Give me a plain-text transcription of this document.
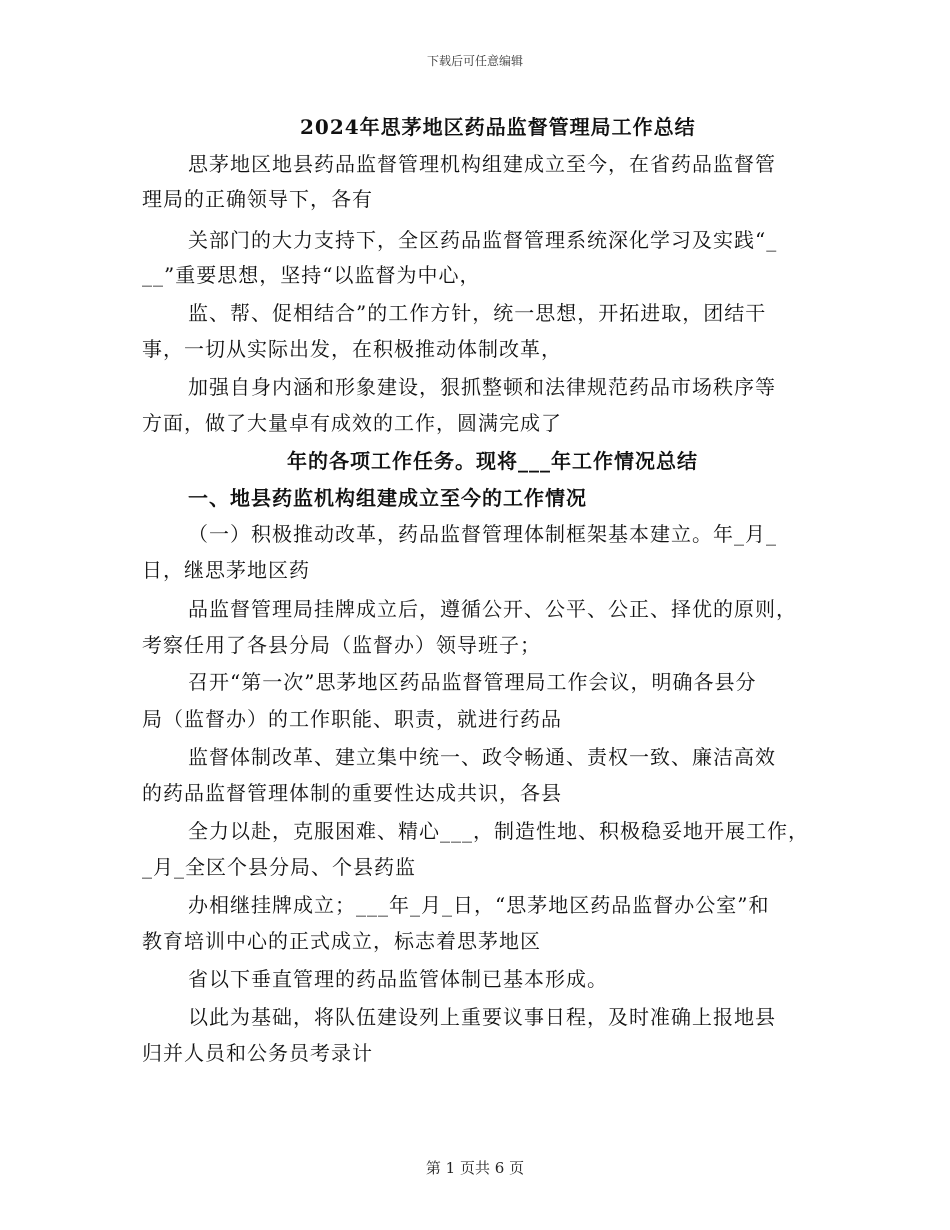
下载后可任意编辑
2024年思茅地区药品监督管理局工作总结
思茅地区地县药品监督管理机构组建成立至今，在省药品监督管
理局的正确领导下，各有
关部门的大力支持下，全区药品监督管理系统深化学习及实践“_
__”重要思想，坚持“以监督为中心，
监、帮、促相结合”的工作方针，统一思想，开拓进取，团结干
事，一切从实际出发，在积极推动体制改革，
加强自身内涵和形象建设，狠抓整顿和法律规范药品市场秩序等
方面，做了大量卓有成效的工作，圆满完成了
年的各项工作任务。现将___年工作情况总结
一、地县药监机构组建成立至今的工作情况
（一）积极推动改革，药品监督管理体制框架基本建立。年_月_
日，继思茅地区药
品监督管理局挂牌成立后，遵循公开、公平、公正、择优的原则，
考察任用了各县分局（监督办）领导班子；
召开“第一次”思茅地区药品监督管理局工作会议，明确各县分
局（监督办）的工作职能、职责，就进行药品
监督体制改革、建立集中统一、政令畅通、责权一致、廉洁高效
的药品监督管理体制的重要性达成共识，各县
全力以赴，克服困难、精心___，制造性地、积极稳妥地开展工作，
_月_全区个县分局、个县药监
办相继挂牌成立；___年_月_日，“思茅地区药品监督办公室”和
教育培训中心的正式成立，标志着思茅地区
省以下垂直管理的药品监管体制已基本形成。
以此为基础，将队伍建设列上重要议事日程，及时准确上报地县
归并人员和公务员考录计
第 1 页共 6 页
